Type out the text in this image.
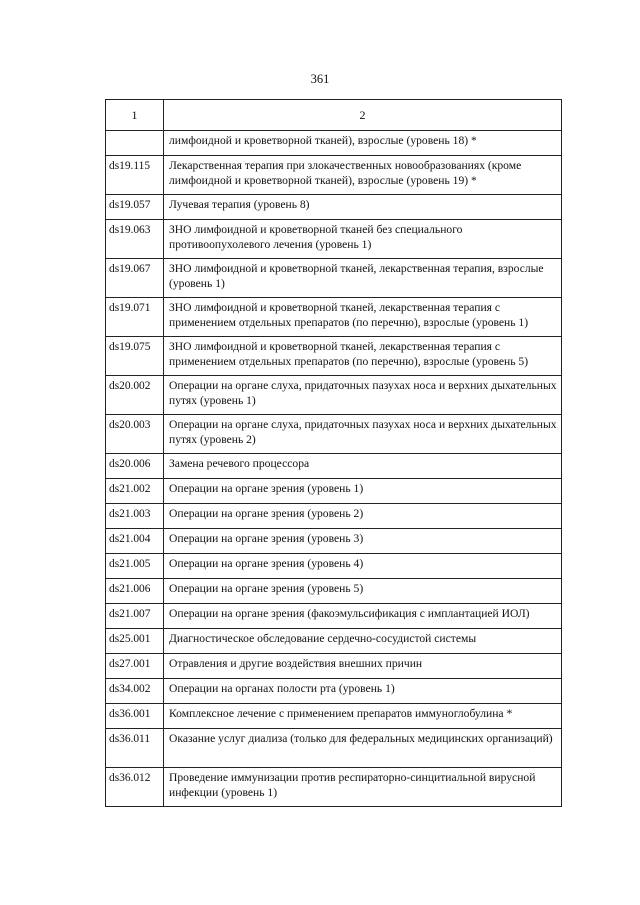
361
1	2
	лимфоидной и кроветворной тканей), взрослые (уровень 18) *
ds19.115	Лекарственная терапия при злокачественных новообразованиях (кроме лимфоидной и кроветворной тканей), взрослые (уровень 19) *
ds19.057	Лучевая терапия (уровень 8)
ds19.063	ЗНО лимфоидной и кроветворной тканей без специального противоопухолевого лечения (уровень 1)
ds19.067	ЗНО лимфоидной и кроветворной тканей, лекарственная терапия, взрослые (уровень 1)
ds19.071	ЗНО лимфоидной и кроветворной тканей, лекарственная терапия с применением отдельных препаратов (по перечню), взрослые (уровень 1)
ds19.075	ЗНО лимфоидной и кроветворной тканей, лекарственная терапия с применением отдельных препаратов (по перечню), взрослые (уровень 5)
ds20.002	Операции на органе слуха, придаточных пазухах носа и верхних дыхательных путях (уровень 1)
ds20.003	Операции на органе слуха, придаточных пазухах носа и верхних дыхательных путях (уровень 2)
ds20.006	Замена речевого процессора
ds21.002	Операции на органе зрения (уровень 1)
ds21.003	Операции на органе зрения (уровень 2)
ds21.004	Операции на органе зрения (уровень 3)
ds21.005	Операции на органе зрения (уровень 4)
ds21.006	Операции на органе зрения (уровень 5)
ds21.007	Операции на органе зрения (факоэмульсификация с имплантацией ИОЛ)
ds25.001	Диагностическое обследование сердечно-сосудистой системы
ds27.001	Отравления и другие воздействия внешних причин
ds34.002	Операции на органах полости рта (уровень 1)
ds36.001	Комплексное лечение с применением препаратов иммуноглобулина *
ds36.011	Оказание услуг диализа (только для федеральных медицинских организаций)
ds36.012	Проведение иммунизации против респираторно-синцитиальной вирусной инфекции (уровень 1)
